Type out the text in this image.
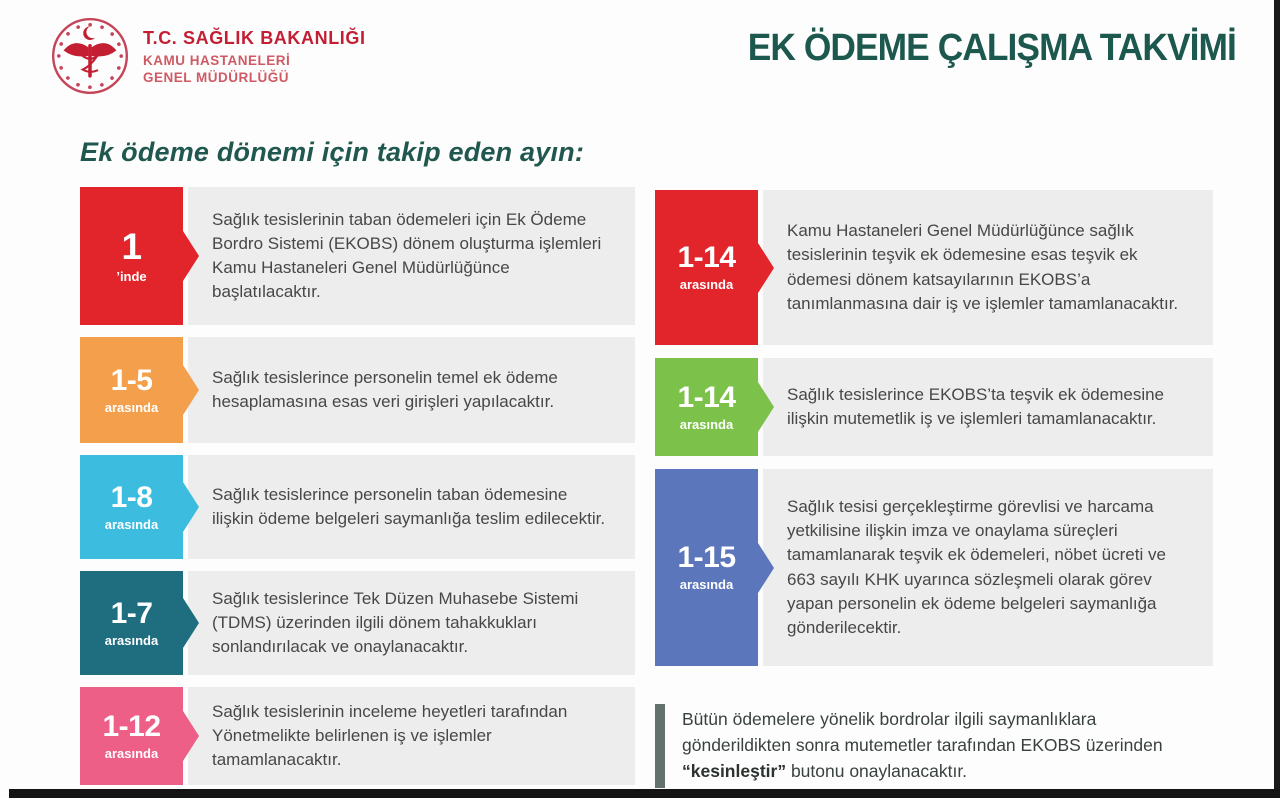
T.C. SAĞLIK BAKANLIĞI
KAMU HASTANELERİ
GENEL MÜDÜRLÜĞÜ
EK ÖDEME ÇALIŞMA TAKVİMİ
Ek ödeme dönemi için takip eden ayın:
1
’inde
Sağlık tesislerinin taban ödemeleri için Ek Ödeme Bordro Sistemi (EKOBS) dönem oluşturma işlemleri Kamu Hastaneleri Genel Müdürlüğünce başlatılacaktır.
1-5
arasında
Sağlık tesislerince personelin temel ek ödeme hesaplamasına esas veri girişleri yapılacaktır.
1-8
arasında
Sağlık tesislerince personelin taban ödemesine ilişkin ödeme belgeleri saymanlığa teslim edilecektir.
1-7
arasında
Sağlık tesislerince Tek Düzen Muhasebe Sistemi (TDMS) üzerinden ilgili dönem tahakkukları sonlandırılacak ve onaylanacaktır.
1-12
arasında
Sağlık tesislerinin inceleme heyetleri tarafından Yönetmelikte belirlenen iş ve işlemler tamamlanacaktır.
1-14
arasında
Kamu Hastaneleri Genel Müdürlüğünce sağlık tesislerinin teşvik ek ödemesine esas teşvik ek ödemesi dönem katsayılarının EKOBS’a tanımlanmasına dair iş ve işlemler tamamlanacaktır.
1-14
arasında
Sağlık tesislerince EKOBS’ta teşvik ek ödemesine ilişkin mutemetlik iş ve işlemleri tamamlanacaktır.
1-15
arasında
Sağlık tesisi gerçekleştirme görevlisi ve harcama yetkilisine ilişkin imza ve onaylama süreçleri tamamlanarak teşvik ek ödemeleri, nöbet ücreti ve 663 sayılı KHK uyarınca sözleşmeli olarak görev yapan personelin ek ödeme belgeleri saymanlığa gönderilecektir.
Bütün ödemelere yönelik bordrolar ilgili saymanlıklara gönderildikten sonra mutemetler tarafından EKOBS üzerinden “kesinleştir” butonu onaylanacaktır.
